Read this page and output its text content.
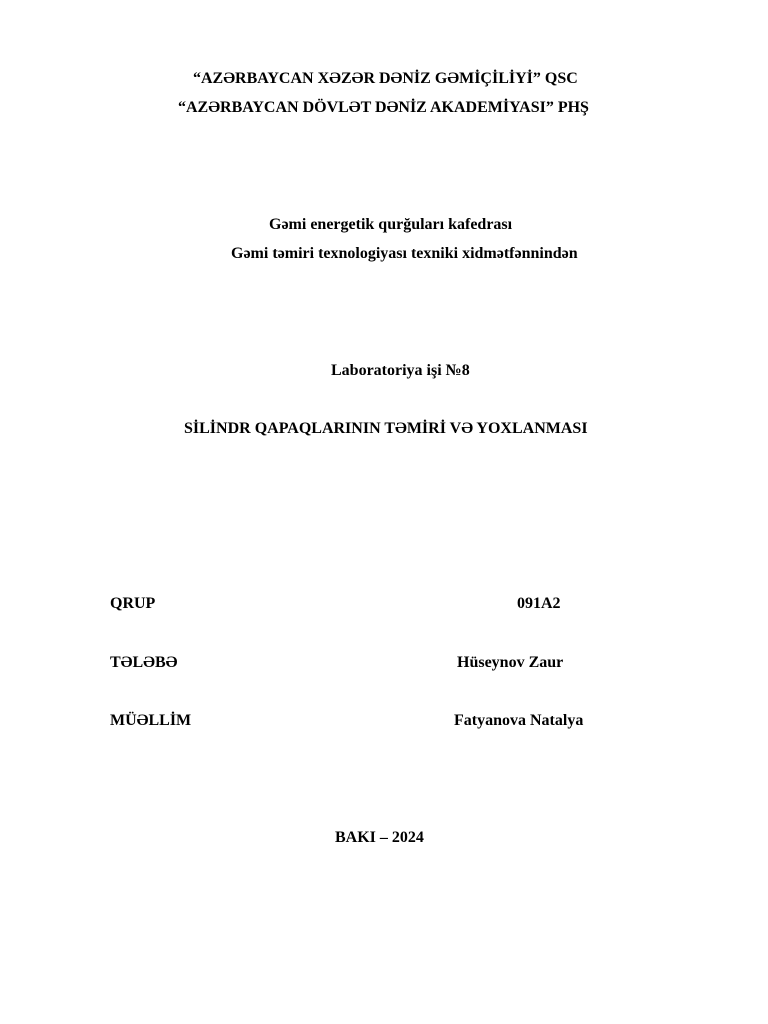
“AZƏRBAYCAN XƏZƏR DƏNİZ GƏMİÇİLİYİ” QSC
“AZƏRBAYCAN DÖVLƏT DƏNİZ AKADEMİYASI” PHŞ
Gəmi energetik qurğuları kafedrası
Gəmi təmiri texnologiyası texniki xidmətfənnindən
Laboratoriya işi №8
SİLİNDR QAPAQLARININ TƏMİRİ VƏ YOXLANMASI
QRUP	091A2
TƏLƏBƏ	Hüseynov Zaur
MÜƏLLİM	Fatyanova Natalya
BAKI – 2024
